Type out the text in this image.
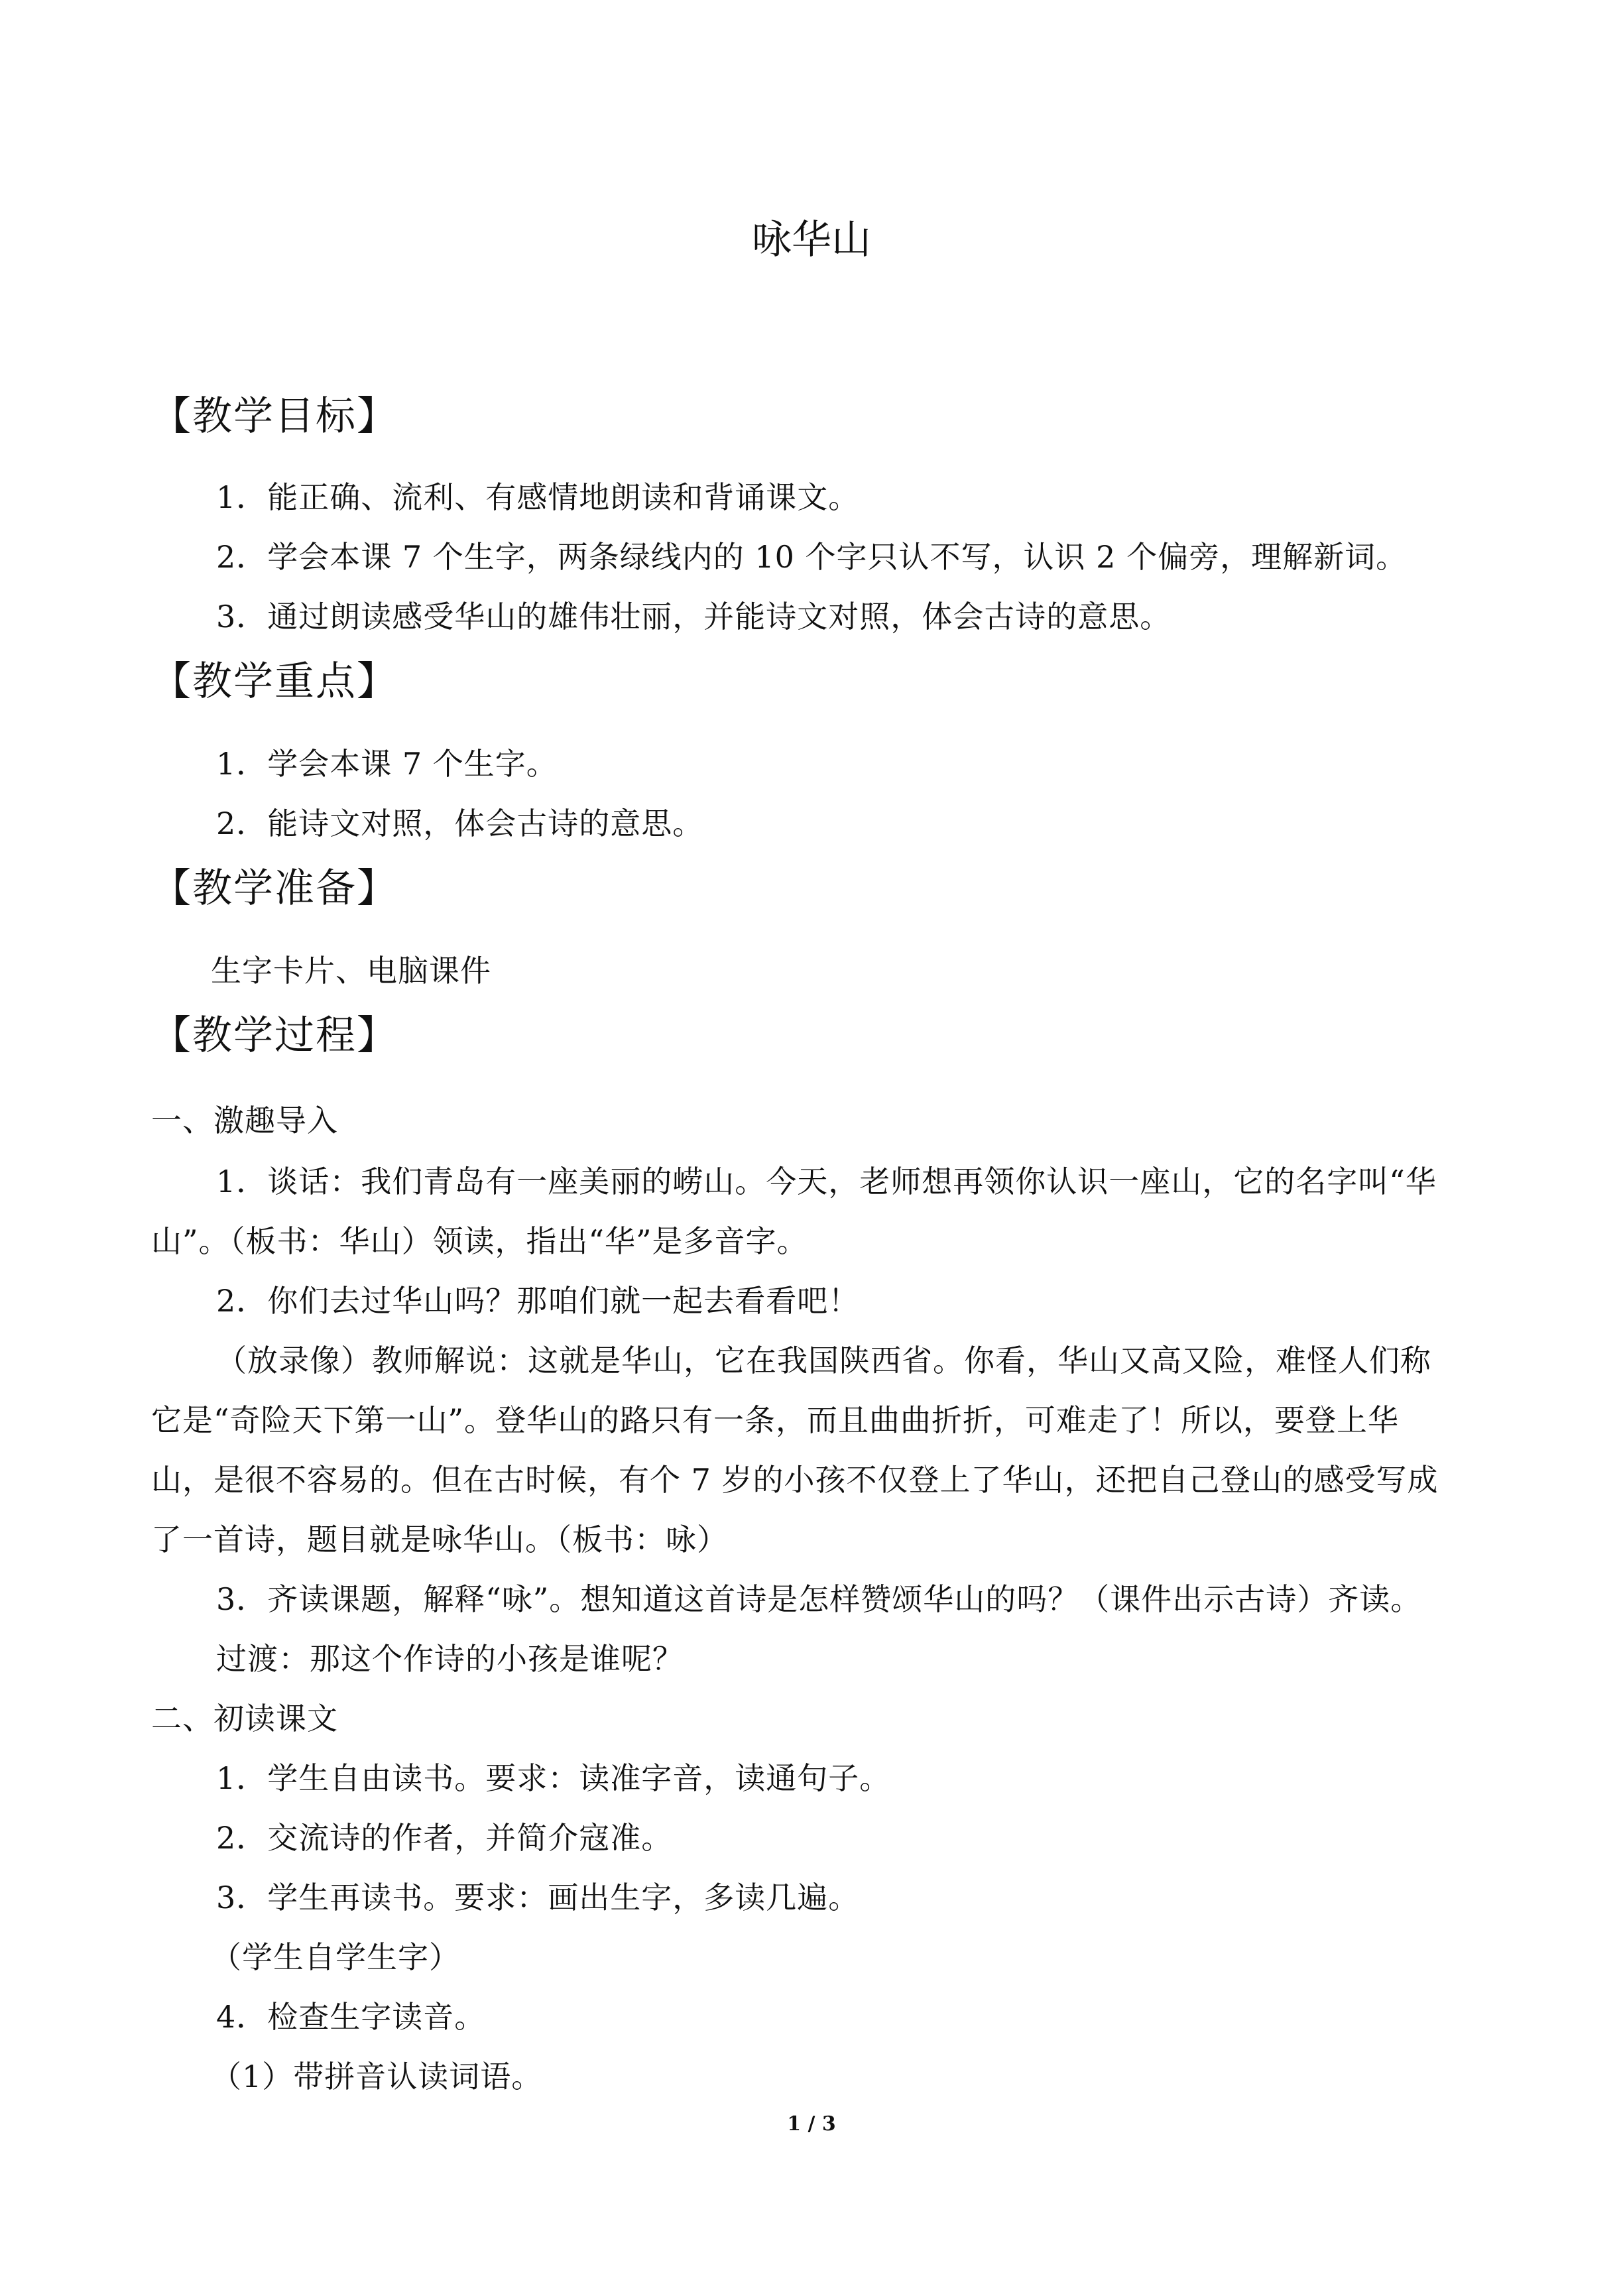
咏华山
【教学目标】
1．能正确、流利、有感情地朗读和背诵课文。
2．学会本课 7 个生字，两条绿线内的 10 个字只认不写，认识 2 个偏旁，理解新词。
3．通过朗读感受华山的雄伟壮丽，并能诗文对照，体会古诗的意思。
【教学重点】
1．学会本课 7 个生字。
2．能诗文对照，体会古诗的意思。
【教学准备】
生字卡片、电脑课件
【教学过程】
一、激趣导入
1．谈话：我们青岛有一座美丽的崂山。今天，老师想再领你认识一座山，它的名字叫“华
山”。（板书：华山）领读，指出“华”是多音字。
2．你们去过华山吗？那咱们就一起去看看吧！
（放录像）教师解说：这就是华山，它在我国陕西省。你看，华山又高又险，难怪人们称
它是“奇险天下第一山”。登华山的路只有一条，而且曲曲折折，可难走了！所以，要登上华
山，是很不容易的。但在古时候，有个 7 岁的小孩不仅登上了华山，还把自己登山的感受写成
了一首诗，题目就是咏华山。（板书：咏）
3．齐读课题，解释“咏”。想知道这首诗是怎样赞颂华山的吗？（课件出示古诗）齐读。
过渡：那这个作诗的小孩是谁呢？
二、初读课文
1．学生自由读书。要求：读准字音，读通句子。
2．交流诗的作者，并简介寇准。
3．学生再读书。要求：画出生字，多读几遍。
（学生自学生字）
4．检查生字读音。
（1）带拼音认读词语。
1 / 3
